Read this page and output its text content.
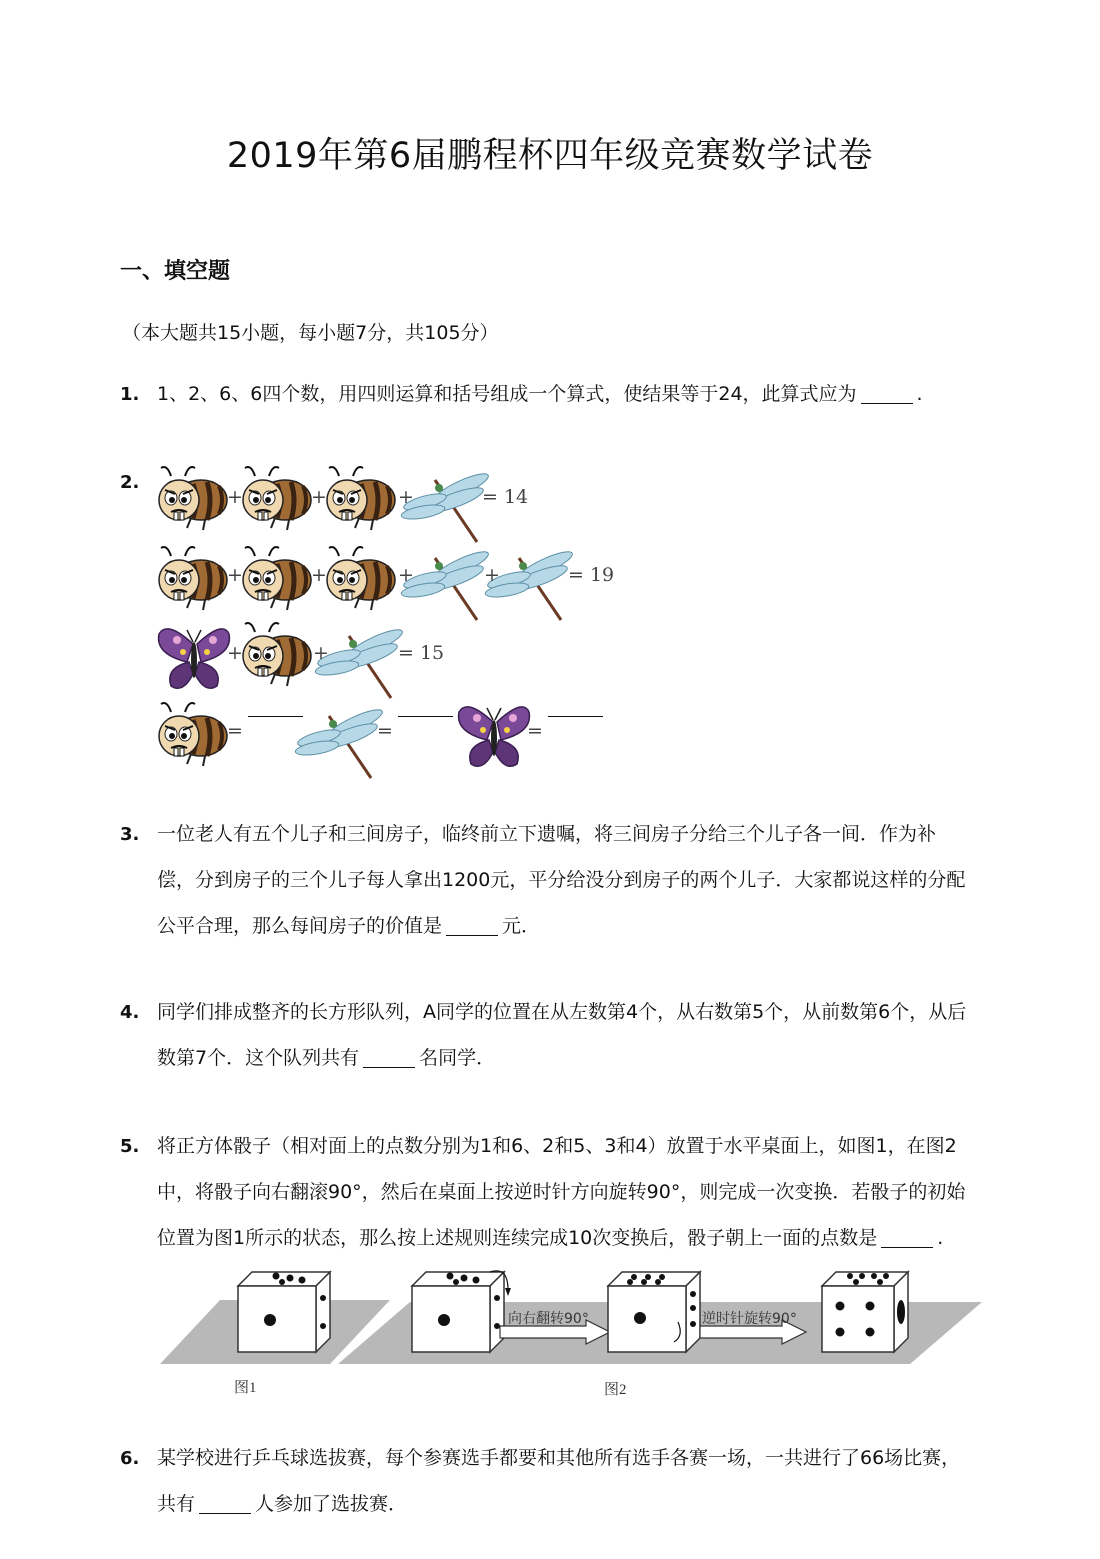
2019年第6届鹏程杯四年级竞赛数学试卷
一、填空题
（本大题共15小题，每小题7分，共105分）
1. 1、2、6、6四个数，用四则运算和括号组成一个算式，使结果等于24，此算式应为	.
2.
+	+	+	= 14
+	+	+	+	= 19
+	+	= 15
=	=	=
3. 一位老人有五个儿子和三间房子，临终前立下遗嘱，将三间房子分给三个儿子各一间．作为补
偿，分到房子的三个儿子每人拿出1200元，平分给没分到房子的两个儿子．大家都说这样的分配
公平合理，那么每间房子的价值是	元．
4. 同学们排成整齐的长方形队列，A同学的位置在从左数第4个，从右数第5个，从前数第6个，从后
数第7个．这个队列共有	名同学．
5. 将正方体骰子（相对面上的点数分别为1和6、2和5、3和4）放置于水平桌面上，如图1，在图2
中，将骰子向右翻滚90°，然后在桌面上按逆时针方向旋转90°，则完成一次变换．若骰子的初始
位置为图1所示的状态，那么按上述规则连续完成10次变换后，骰子朝上一面的点数是	.
向右翻转90°	逆时针旋转90°
图1	图2
6. 某学校进行乒乓球选拔赛，每个参赛选手都要和其他所有选手各赛一场，一共进行了66场比赛，
共有	人参加了选拔赛．
